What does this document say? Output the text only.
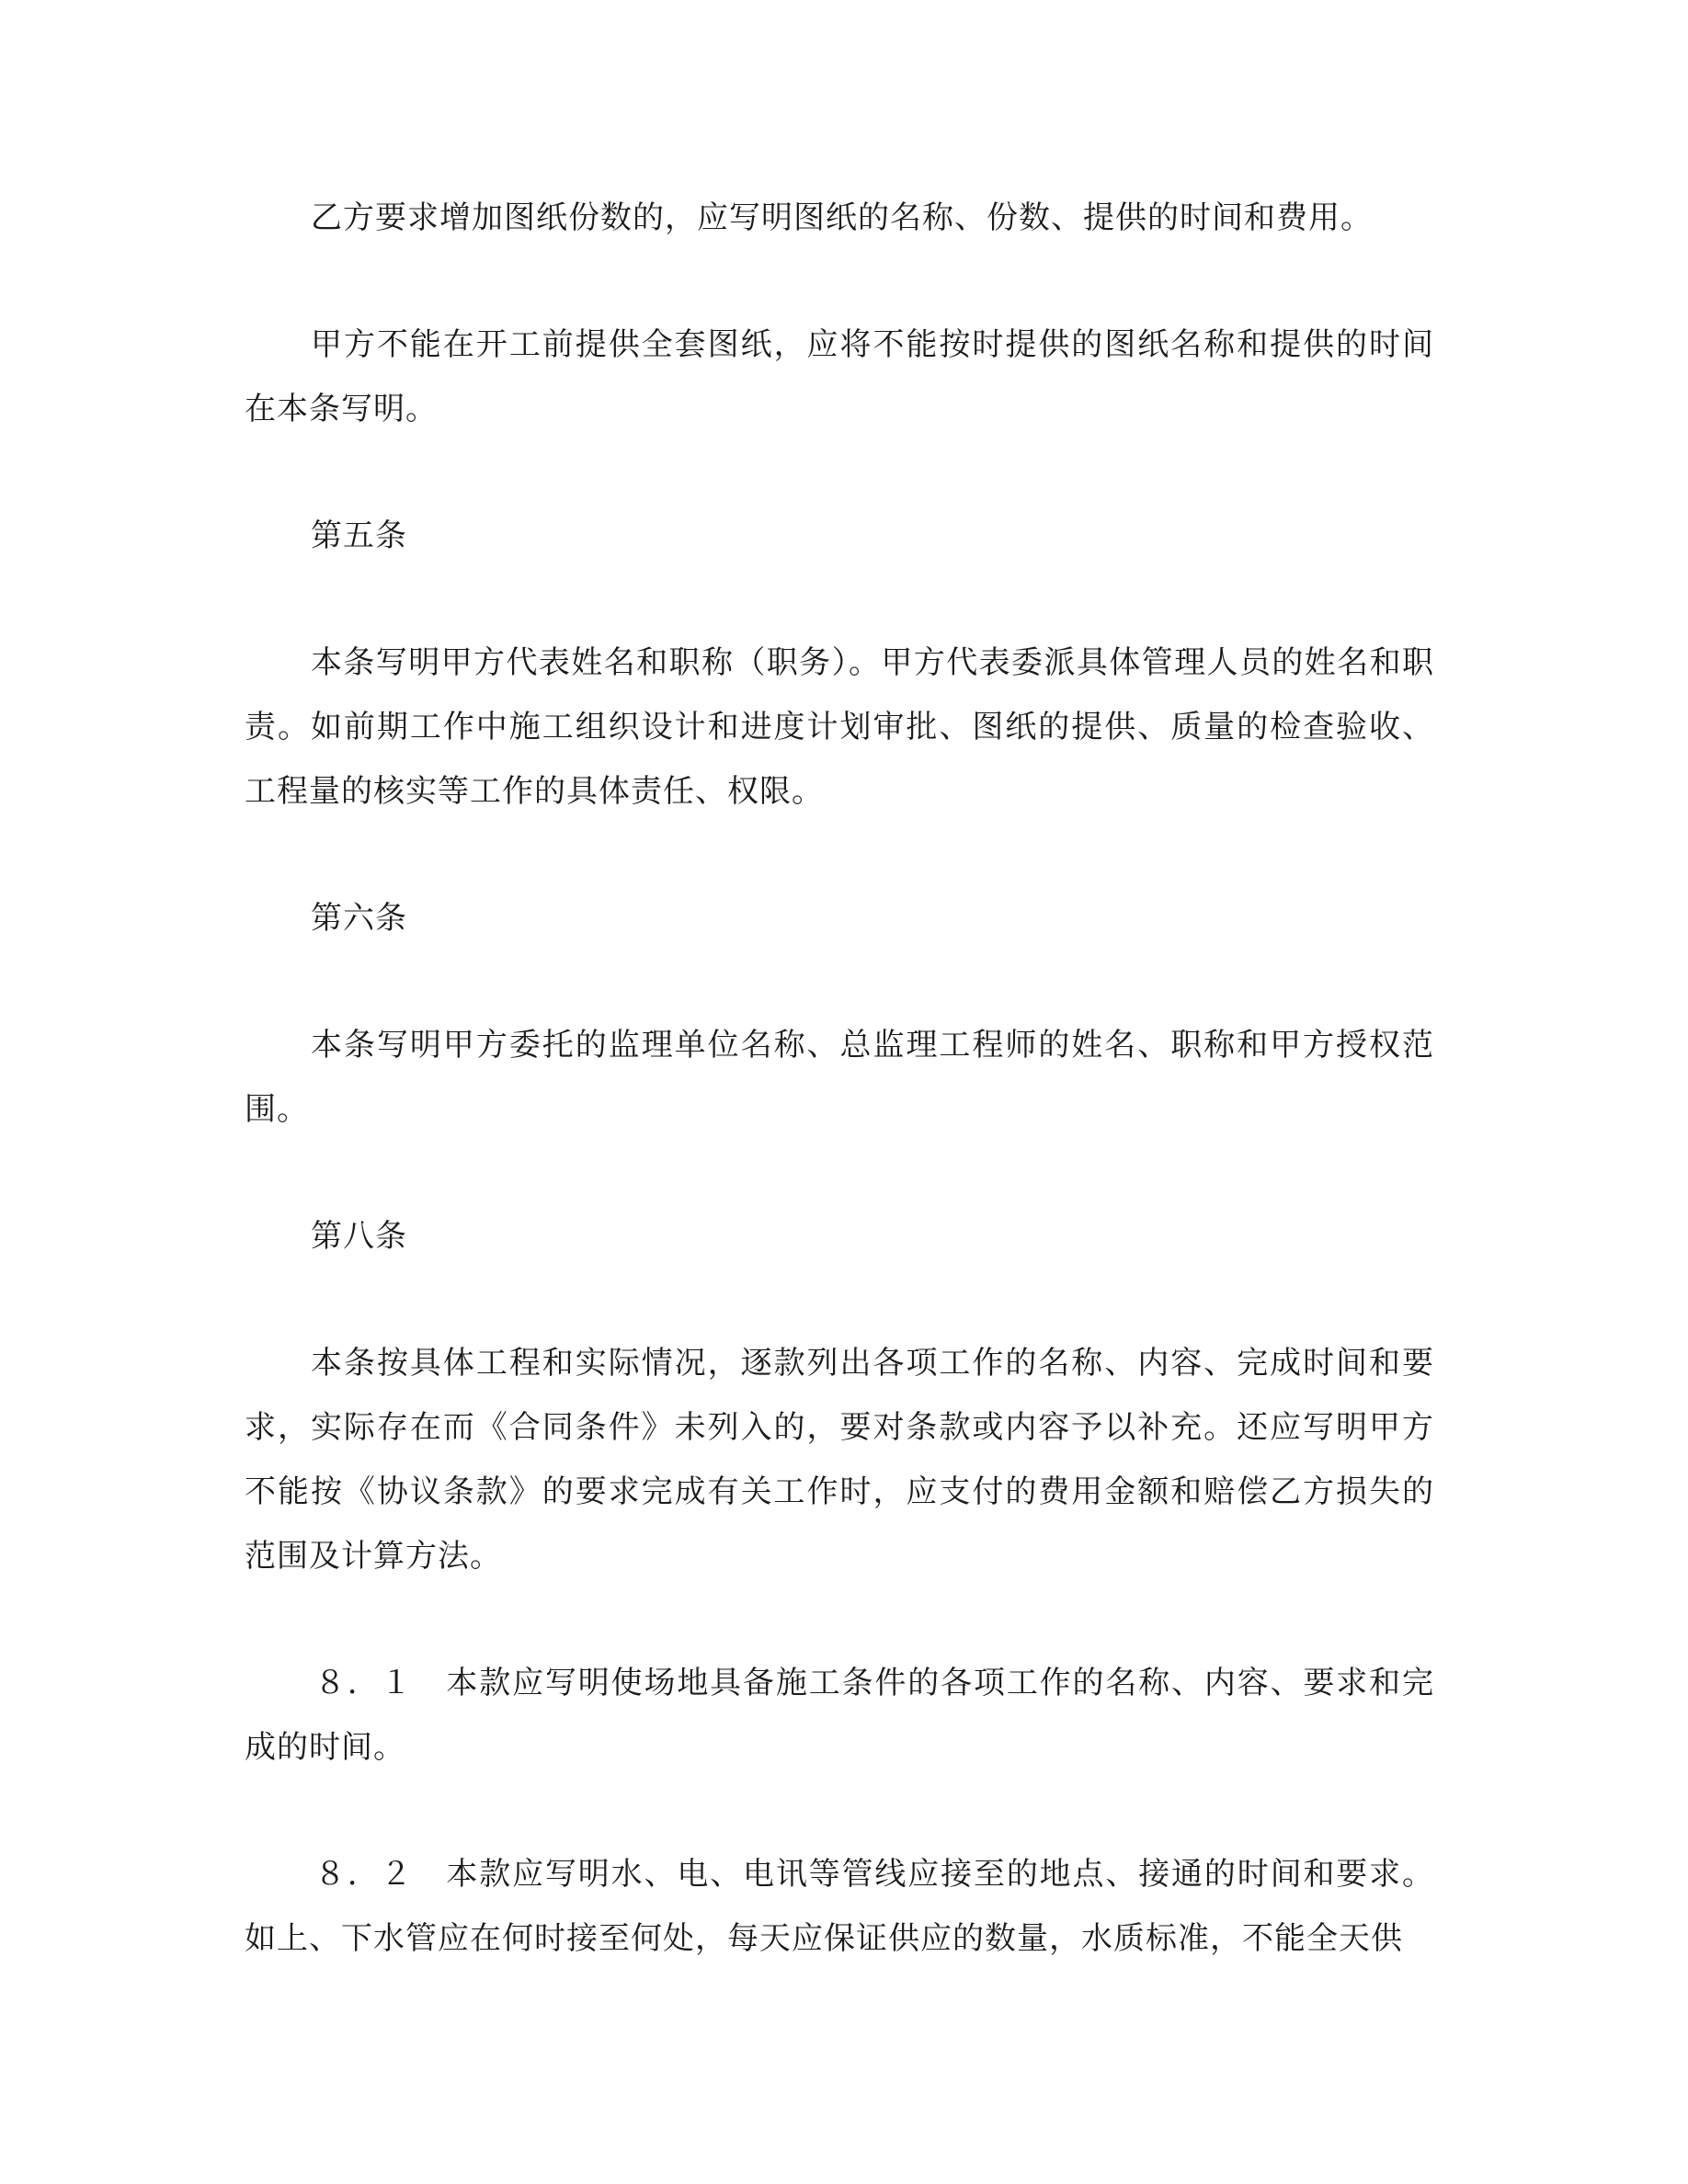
乙方要求增加图纸份数的，应写明图纸的名称、份数、提供的时间和费用。

甲方不能在开工前提供全套图纸，应将不能按时提供的图纸名称和提供的时间在本条写明。

第五条

本条写明甲方代表姓名和职称（职务）。甲方代表委派具体管理人员的姓名和职责。如前期工作中施工组织设计和进度计划审批、图纸的提供、质量的检查验收、工程量的核实等工作的具体责任、权限。

第六条

本条写明甲方委托的监理单位名称、总监理工程师的姓名、职称和甲方授权范围。

第八条

本条按具体工程和实际情况，逐款列出各项工作的名称、内容、完成时间和要求，实际存在而《合同条件》未列入的，要对条款或内容予以补充。还应写明甲方不能按《协议条款》的要求完成有关工作时，应支付的费用金额和赔偿乙方损失的范围及计算方法。

８．１　本款应写明使场地具备施工条件的各项工作的名称、内容、要求和完成的时间。

８．２　本款应写明水、电、电讯等管线应接至的地点、接通的时间和要求。如上、下水管应在何时接至何处，每天应保证供应的数量，水质标准，不能全天供
